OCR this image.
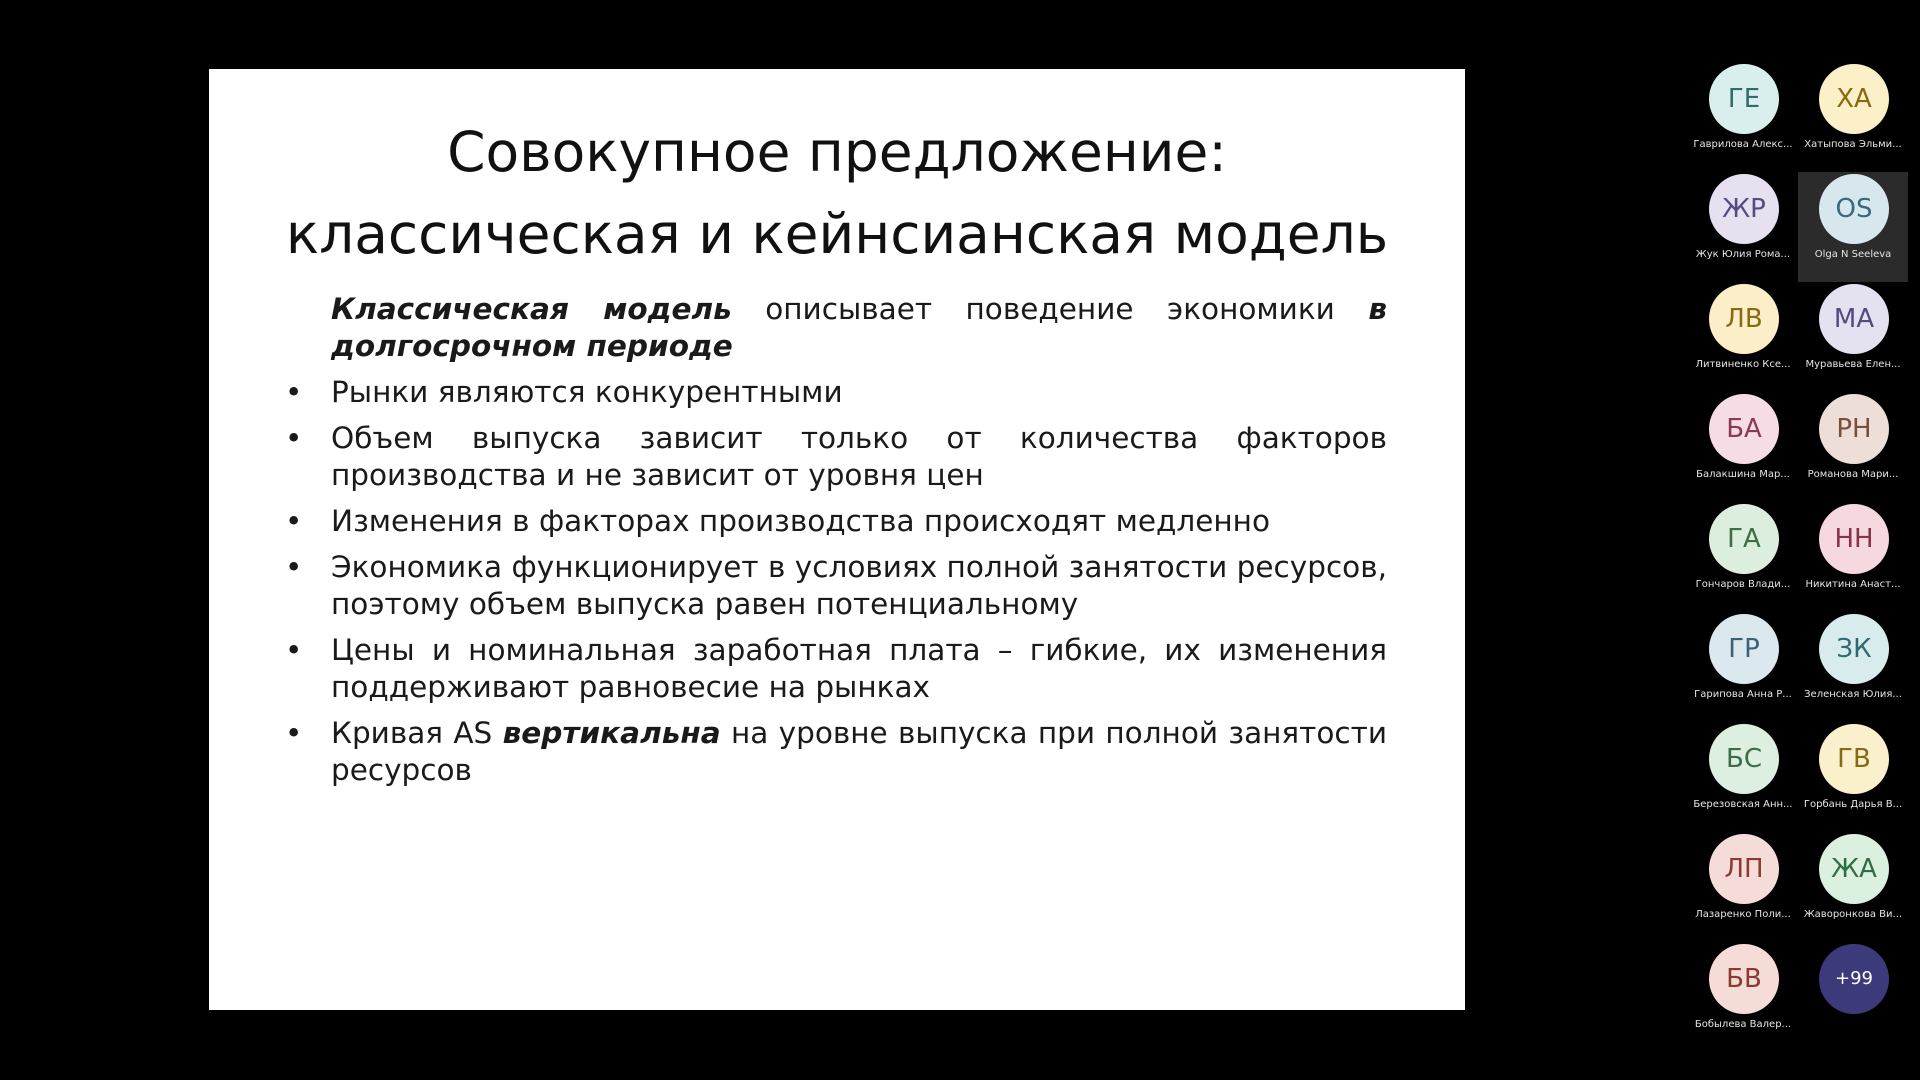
Совокупное предложение:
классическая и кейнсианская модель

Классическая модель описывает поведение экономики в долгосрочном периоде

• Рынки являются конкурентными
• Объем выпуска зависит только от количества факторов производства и не зависит от уровня цен
• Изменения в факторах производства происходят медленно
• Экономика функционирует в условиях полной занятости ресурсов, поэтому объем выпуска равен потенциальному
• Цены и номинальная заработная плата – гибкие, их изменения поддерживают равновесие на рынках
• Кривая AS вертикальна на уровне выпуска при полной занятости ресурсов
ГЕ
Гаврилова Алекс...
ХА
Хатыпова Эльми...
ЖР
Жук Юлия Рома...
OS
Olga N Seeleva
ЛВ
Литвиненко Ксе...
МА
Муравьева Елен...
БА
Балакшина Мар...
РН
Романова Мари...
ГА
Гончаров Влади...
НН
Никитина Анаст...
ГР
Гарипова Анна Р...
ЗК
Зеленская Юлия...
БС
Березовская Анн...
ГВ
Горбань Дарья В...
ЛП
Лазаренко Поли...
ЖА
Жаворонкова Ви...
БВ
Бобылева Валер...
+99
